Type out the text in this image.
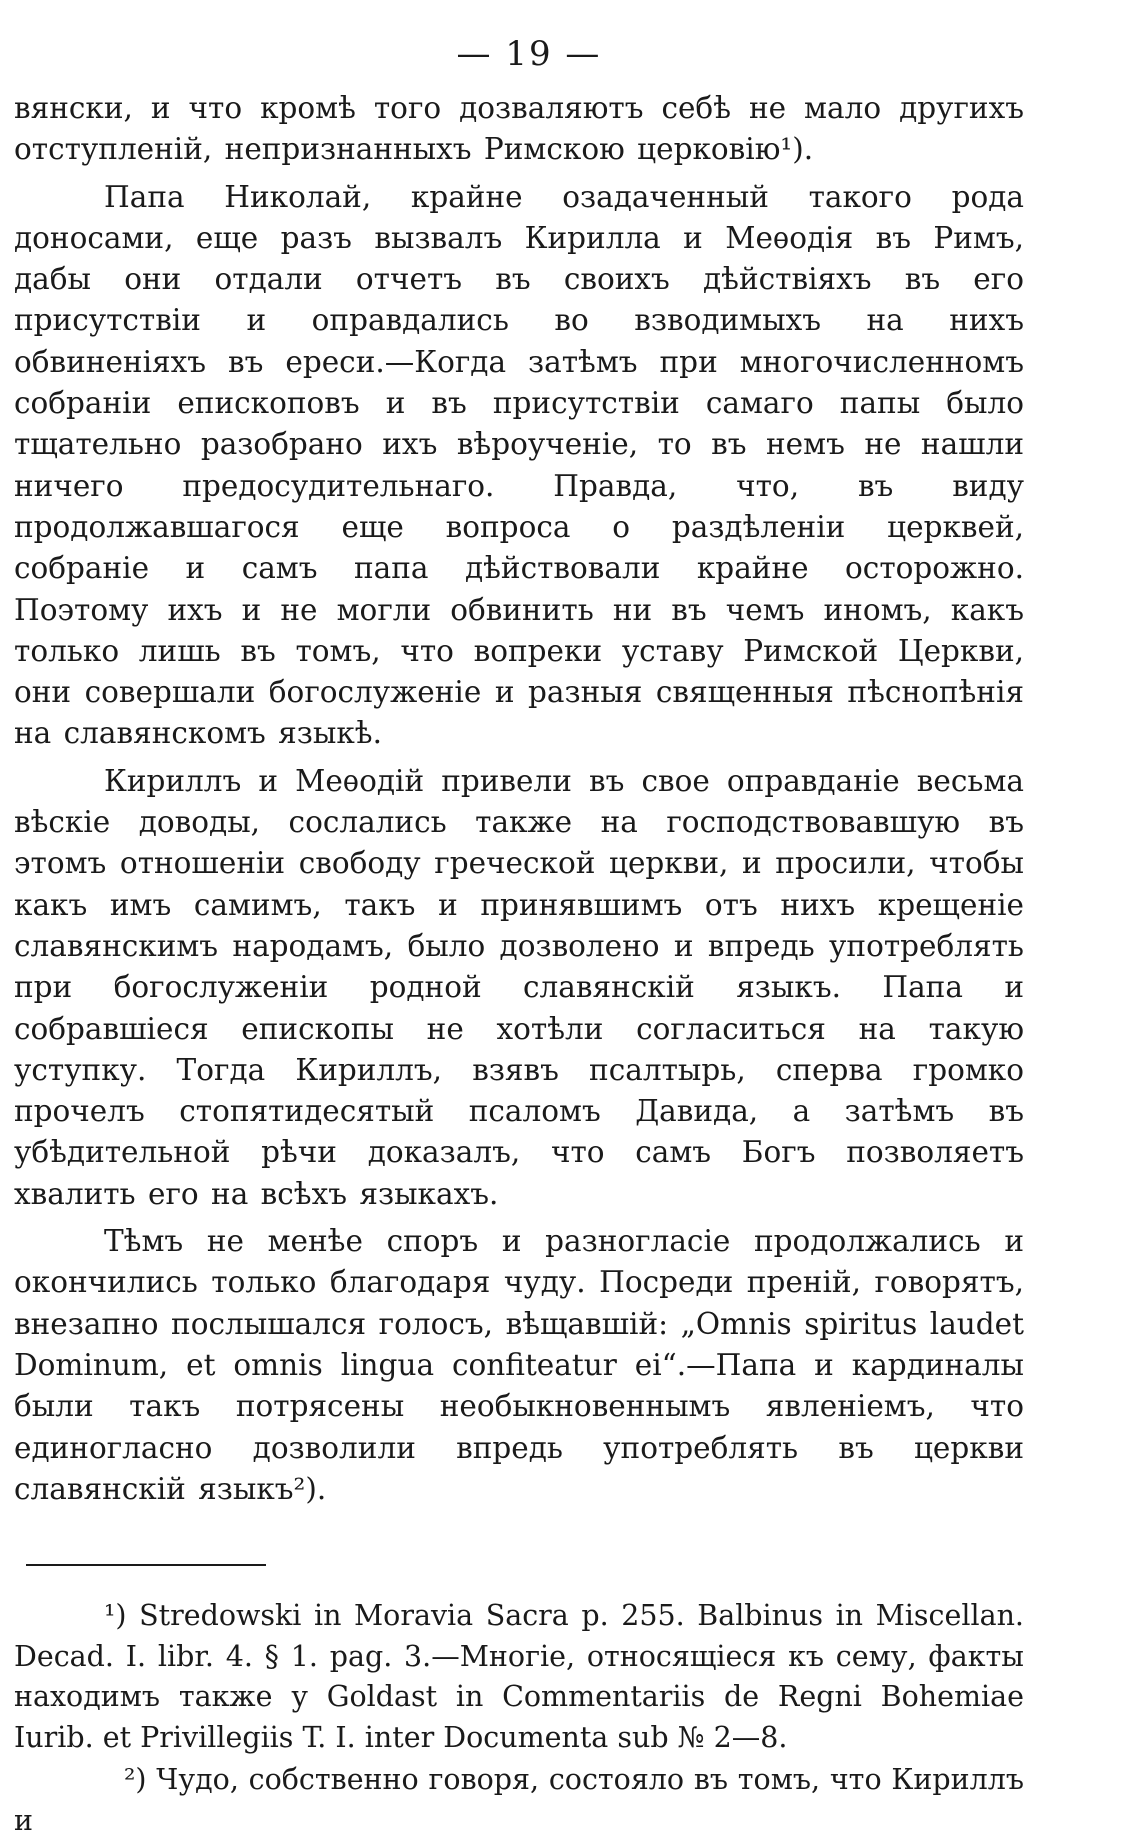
— 19 —

вянски, и что кромѣ того дозваляютъ себѣ не мало другихъ отступленій, непризнанныхъ Римскою церковію¹).

Папа Николай, крайне озадаченный такого рода доносами, еще разъ вызвалъ Кирилла и Меѳодія въ Римъ, дабы они отдали отчетъ въ своихъ дѣйствіяхъ въ его присутствіи и оправдались во взводимыхъ на нихъ обвиненіяхъ въ ереси.—Когда затѣмъ при многочисленномъ собраніи епископовъ и въ присутствіи самаго папы было тщательно разобрано ихъ вѣроученіе, то въ немъ не нашли ничего предосудительнаго. Правда, что, въ виду продолжавшагося еще вопроса о раздѣленіи церквей, собраніе и самъ папа дѣйствовали крайне осторожно. Поэтому ихъ и не могли обвинить ни въ чемъ иномъ, какъ только лишь въ томъ, что вопреки уставу Римской Церкви, они совершали богослуженіе и разныя священныя пѣснопѣнія на славянскомъ языкѣ.

Кириллъ и Меѳодій привели въ свое оправданіе весьма вѣскіе доводы, сослались также на господствовавшую въ этомъ отношеніи свободу греческой церкви, и просили, чтобы какъ имъ самимъ, такъ и принявшимъ отъ нихъ крещеніе славянскимъ народамъ, было дозволено и впредь употреблять при богослуженіи родной славянскій языкъ. Папа и собравшіеся епископы не хотѣли согласиться на такую уступку. Тогда Кириллъ, взявъ псалтырь, сперва громко прочелъ стопятидесятый псаломъ Давида, а затѣмъ въ убѣдительной рѣчи доказалъ, что самъ Богъ позволяетъ хвалить его на всѣхъ языкахъ.

Тѣмъ не менѣе споръ и разногласіе продолжались и окончились только благодаря чуду. Посреди преній, говорятъ, внезапно послышался голосъ, вѣщавшій: „Omnis spiritus laudet Dominum, et omnis lingua confiteatur ei“.—Папа и кардиналы были такъ потрясены необыкновеннымъ явленіемъ, что единогласно дозволили впредь употреблять въ церкви славянскій языкъ²).

¹) Stredowski in Moravia Sacra p. 255. Balbinus in Miscellan. Decad. I. libr. 4. § 1. pag. 3.—Многіе, относящіеся къ сему, факты находимъ также у Goldast in Commentariis de Regni Bohemiae Iurib. et Privillegiis T. I. inter Documenta sub № 2—8.

²) Чудо, собственно говоря, состояло въ томъ, что Кириллъ и
